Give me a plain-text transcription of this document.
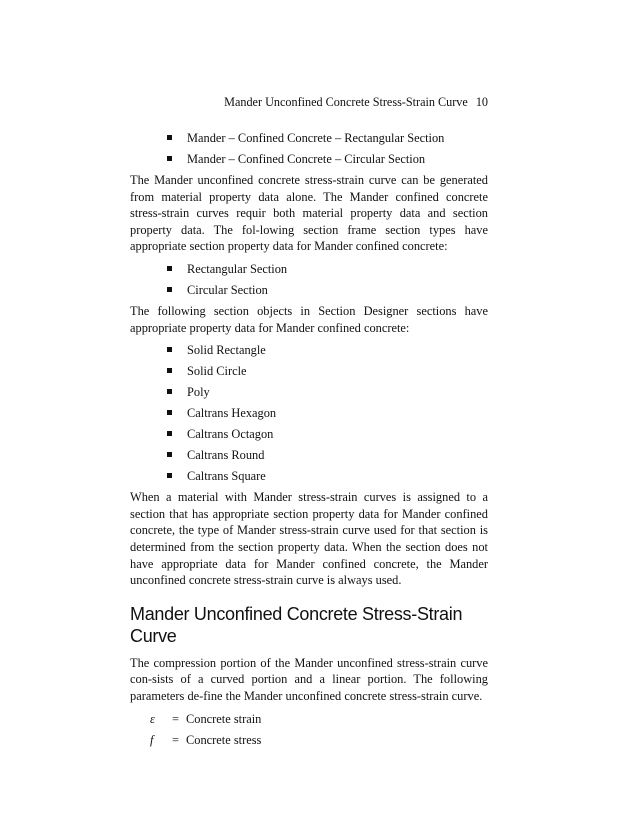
Mander Unconfined Concrete Stress-Strain Curve 10
Mander – Confined Concrete – Rectangular Section
Mander – Confined Concrete – Circular Section

The Mander unconfined concrete stress-strain curve can be generated from material property data alone. The Mander confined concrete stress-strain curves requir both material property data and section property data. The fol-lowing section frame section types have appropriate section property data for Mander confined concrete:

Rectangular Section
Circular Section

The following section objects in Section Designer sections have appropriate property data for Mander confined concrete:

Solid Rectangle
Solid Circle
Poly
Caltrans Hexagon
Caltrans Octagon
Caltrans Round
Caltrans Square

When a material with Mander stress-strain curves is assigned to a section that has appropriate section property data for Mander confined concrete, the type of Mander stress-strain curve used for that section is determined from the section property data. When the section does not have appropriate data for Mander confined concrete, the Mander unconfined concrete stress-strain curve is always used.

Mander Unconfined Concrete Stress-Strain Curve

The compression portion of the Mander unconfined stress-strain curve con-sists of a curved portion and a linear portion. The following parameters de-fine the Mander unconfined concrete stress-strain curve.

ε	= Concrete strain
f	= Concrete stress
